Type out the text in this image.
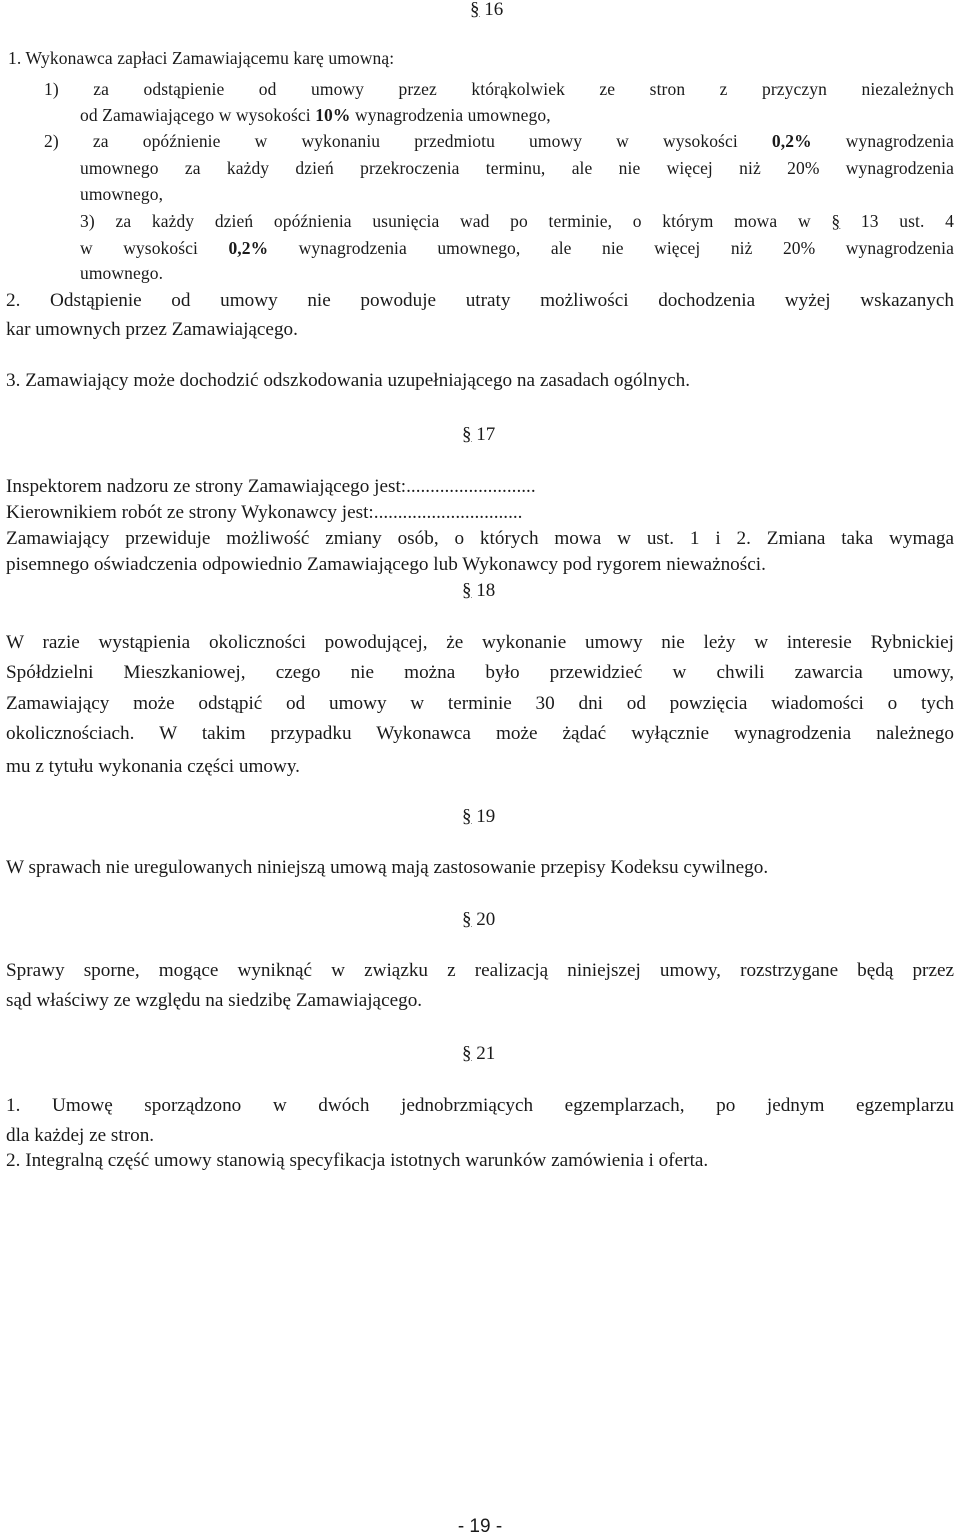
§ 16
1. Wykonawca zapłaci Zamawiającemu karę umowną:
1) za odstąpienie od umowy przez którąkolwiek ze stron z przyczyn niezależnych
od Zamawiającego w wysokości 10% wynagrodzenia umownego,
2) za opóźnienie w wykonaniu przedmiotu umowy w wysokości 0,2% wynagrodzenia
umownego za każdy dzień przekroczenia terminu, ale nie więcej niż 20% wynagrodzenia
umownego,
3) za każdy dzień opóźnienia usunięcia wad po terminie, o którym mowa w § 13 ust. 4
w wysokości 0,2% wynagrodzenia umownego, ale nie więcej niż 20% wynagrodzenia
umownego.
2. Odstąpienie od umowy nie powoduje utraty możliwości dochodzenia wyżej wskazanych
kar umownych przez Zamawiającego.
3. Zamawiający może dochodzić odszkodowania uzupełniającego na zasadach ogólnych.
§ 17
Inspektorem nadzoru ze strony Zamawiającego jest:...........................
Kierownikiem robót ze strony Wykonawcy jest:...............................
Zamawiający przewiduje możliwość zmiany osób, o których mowa w ust. 1 i 2. Zmiana taka wymaga
pisemnego oświadczenia odpowiednio Zamawiającego lub Wykonawcy pod rygorem nieważności.
§ 18
W razie wystąpienia okoliczności powodującej, że wykonanie umowy nie leży w interesie Rybnickiej
Spółdzielni Mieszkaniowej, czego nie można było przewidzieć w chwili zawarcia umowy,
Zamawiający może odstąpić od umowy w terminie 30 dni od powzięcia wiadomości o tych
okolicznościach. W takim przypadku Wykonawca może żądać wyłącznie wynagrodzenia należnego
mu z tytułu wykonania części umowy.
§ 19
W sprawach nie uregulowanych niniejszą umową mają zastosowanie przepisy Kodeksu cywilnego.
§ 20
Sprawy sporne, mogące wyniknąć w związku z realizacją niniejszej umowy, rozstrzygane będą przez
sąd właściwy ze względu na siedzibę Zamawiającego.
§ 21
1. Umowę sporządzono w dwóch jednobrzmiących egzemplarzach, po jednym egzemplarzu
dla każdej ze stron.
2. Integralną część umowy stanowią specyfikacja istotnych warunków zamówienia i oferta.
- 19 -
